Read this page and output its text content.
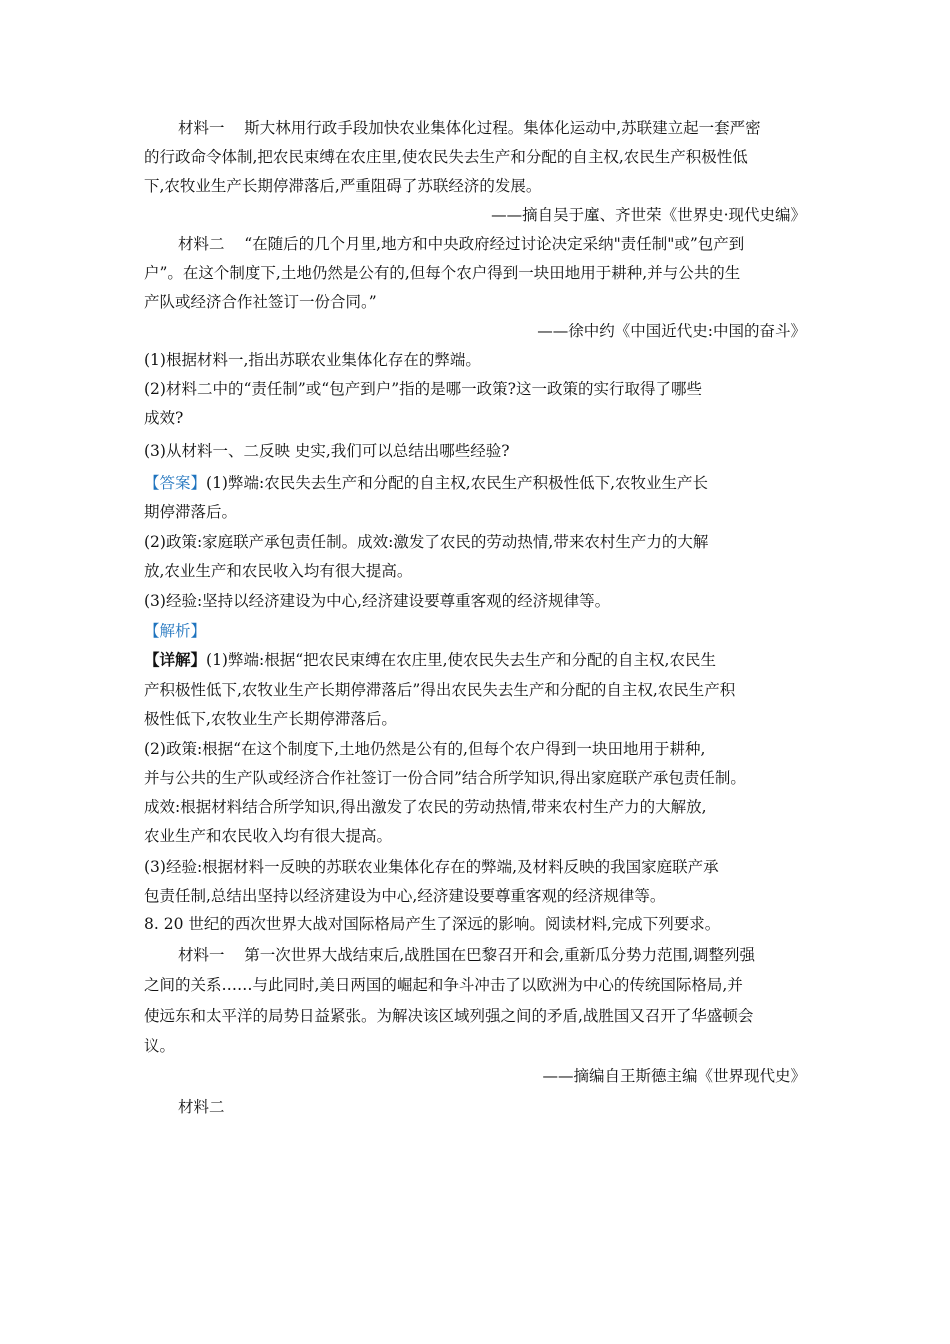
材料一 斯大林用行政手段加快农业集体化过程。集体化运动中,苏联建立起一套严密
的行政命令体制,把农民束缚在农庄里,使农民失去生产和分配的自主权,农民生产积极性低
下,农牧业生产长期停滞落后,严重阻碍了苏联经济的发展。
——摘自吴于廑、齐世荣《世界史·现代史编》
材料二 “在随后的几个月里,地方和中央政府经过讨论决定采纳"责任制"或”包产到
户”。在这个制度下,土地仍然是公有的,但每个农户得到一块田地用于耕种,并与公共的生
产队或经济合作社签订一份合同。”
——徐中约《中国近代史:中国的奋斗》
(1)根据材料一,指出苏联农业集体化存在的弊端。
(2)材料二中的“责任制”或“包产到户”指的是哪一政策?这一政策的实行取得了哪些
成效?
(3)从材料一、二反映 史实,我们可以总结出哪些经验?
【答案】(1)弊端:农民失去生产和分配的自主权,农民生产积极性低下,农牧业生产长
期停滞落后。
(2)政策:家庭联产承包责任制。成效:激发了农民的劳动热情,带来农村生产力的大解
放,农业生产和农民收入均有很大提高。
(3)经验:坚持以经济建设为中心,经济建设要尊重客观的经济规律等。
【解析】
【详解】(1)弊端:根据“把农民束缚在农庄里,使农民失去生产和分配的自主权,农民生
产积极性低下,农牧业生产长期停滞落后”得出农民失去生产和分配的自主权,农民生产积
极性低下,农牧业生产长期停滞落后。
(2)政策:根据“在这个制度下,土地仍然是公有的,但每个农户得到一块田地用于耕种,
并与公共的生产队或经济合作社签订一份合同”结合所学知识,得出家庭联产承包责任制。
成效:根据材料结合所学知识,得出激发了农民的劳动热情,带来农村生产力的大解放,
农业生产和农民收入均有很大提高。
(3)经验:根据材料一反映的苏联农业集体化存在的弊端,及材料反映的我国家庭联产承
包责任制,总结出坚持以经济建设为中心,经济建设要尊重客观的经济规律等。
8. 20 世纪的西次世界大战对国际格局产生了深远的影响。阅读材料,完成下列要求。
材料一 第一次世界大战结束后,战胜国在巴黎召开和会,重新瓜分势力范围,调整列强
之间的关系……与此同时,美日两国的崛起和争斗冲击了以欧洲为中心的传统国际格局,并
使远东和太平洋的局势日益紧张。为解决该区域列强之间的矛盾,战胜国又召开了华盛顿会
议。
——摘编自王斯德主编《世界现代史》
材料二
